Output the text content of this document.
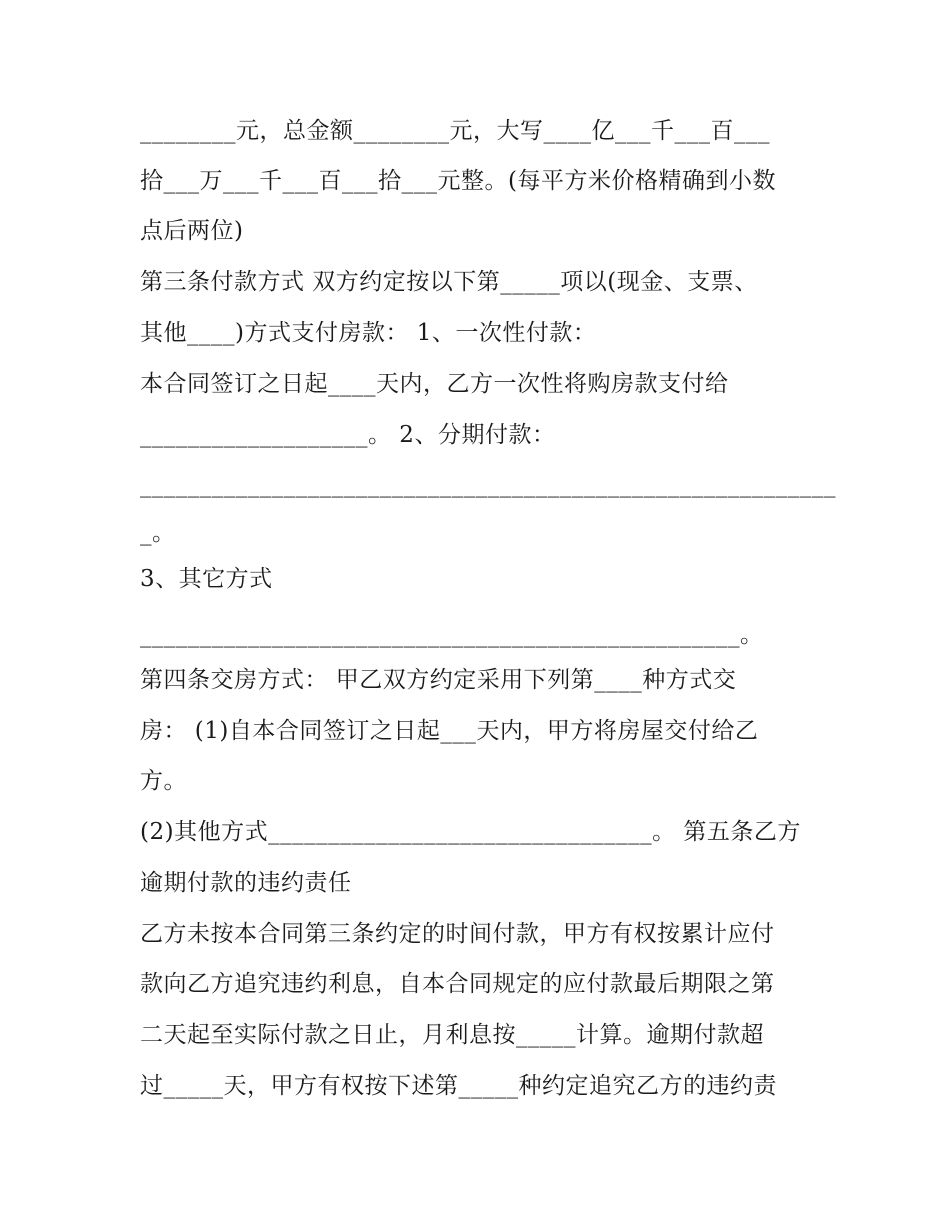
________元，总金额________元，大写____亿___千___百___
拾___万___千___百___拾___元整。(每平方米价格精确到小数
点后两位)
第三条付款方式 双方约定按以下第_____项以(现金、支票、
其他____)方式支付房款： 1、一次性付款：
本合同签订之日起____天内，乙方一次性将购房款支付给
___________________。 2、分期付款：
__________________________________________________________
_。
3、其它方式
__________________________________________________。
第四条交房方式： 甲乙双方约定采用下列第____种方式交
房： (1)自本合同签订之日起___天内，甲方将房屋交付给乙
方。
(2)其他方式________________________________。 第五条乙方
逾期付款的违约责任
乙方未按本合同第三条约定的时间付款，甲方有权按累计应付
款向乙方追究违约利息，自本合同规定的应付款最后期限之第
二天起至实际付款之日止，月利息按_____计算。逾期付款超
过_____天，甲方有权按下述第_____种约定追究乙方的违约责
